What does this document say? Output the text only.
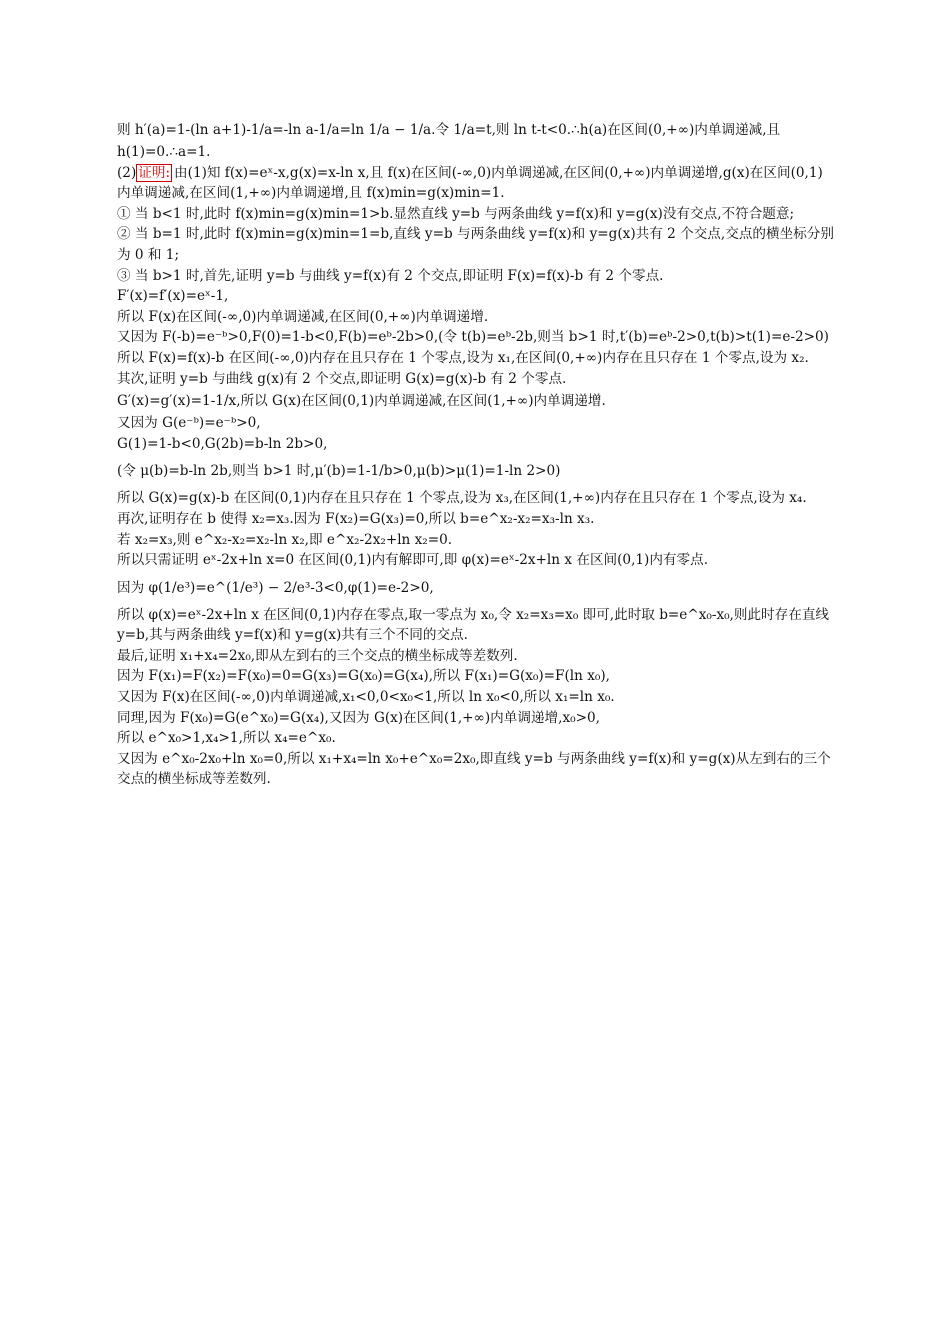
则 h′(a)=1-(ln a+1)-1/a=-ln a-1/a=ln 1/a − 1/a.令 1/a=t,则 ln t-t<0.∴h(a)在区间(0,+∞)内单调递减,且

h(1)=0.∴a=1.

(2) 证明: 由(1)知 f(x)=eˣ-x,g(x)=x-ln x,且 f(x)在区间(-∞,0)内单调递减,在区间(0,+∞)内单调递增,g(x)在区间(0,1)内单调递减,在区间(1,+∞)内单调递增,且 f(x)min=g(x)min=1.

① 当 b<1 时,此时 f(x)min=g(x)min=1>b.显然直线 y=b 与两条曲线 y=f(x)和 y=g(x)没有交点,不符合题意;

② 当 b=1 时,此时 f(x)min=g(x)min=1=b,直线 y=b 与两条曲线 y=f(x)和 y=g(x)共有 2 个交点,交点的横坐标分别为 0 和 1;

③ 当 b>1 时,首先,证明 y=b 与曲线 y=f(x)有 2 个交点,即证明 F(x)=f(x)-b 有 2 个零点.

F′(x)=f′(x)=eˣ-1,

所以 F(x)在区间(-∞,0)内单调递减,在区间(0,+∞)内单调递增.

又因为 F(-b)=e⁻ᵇ>0,F(0)=1-b<0,F(b)=eᵇ-2b>0,(令 t(b)=eᵇ-2b,则当 b>1 时,t′(b)=eᵇ-2>0,t(b)>t(1)=e-2>0)

所以 F(x)=f(x)-b 在区间(-∞,0)内存在且只存在 1 个零点,设为 x₁,在区间(0,+∞)内存在且只存在 1 个零点,设为 x₂.

其次,证明 y=b 与曲线 g(x)有 2 个交点,即证明 G(x)=g(x)-b 有 2 个零点.

G′(x)=g′(x)=1-1/x,所以 G(x)在区间(0,1)内单调递减,在区间(1,+∞)内单调递增.

又因为 G(e⁻ᵇ)=e⁻ᵇ>0,

G(1)=1-b<0,G(2b)=b-ln 2b>0,

(令 μ(b)=b-ln 2b,则当 b>1 时,μ′(b)=1-1/b>0,μ(b)>μ(1)=1-ln 2>0)

所以 G(x)=g(x)-b 在区间(0,1)内存在且只存在 1 个零点,设为 x₃,在区间(1,+∞)内存在且只存在 1 个零点,设为 x₄.

再次,证明存在 b 使得 x₂=x₃.因为 F(x₂)=G(x₃)=0,所以 b=e^x₂-x₂=x₃-ln x₃.

若 x₂=x₃,则 e^x₂-x₂=x₂-ln x₂,即 e^x₂-2x₂+ln x₂=0.

所以只需证明 eˣ-2x+ln x=0 在区间(0,1)内有解即可,即 φ(x)=eˣ-2x+ln x 在区间(0,1)内有零点.

因为 φ(1/e³)=e^(1/e³) − 2/e³-3<0,φ(1)=e-2>0,

所以 φ(x)=eˣ-2x+ln x 在区间(0,1)内存在零点,取一零点为 x₀,令 x₂=x₃=x₀ 即可,此时取 b=e^x₀-x₀,则此时存在直线 y=b,其与两条曲线 y=f(x)和 y=g(x)共有三个不同的交点.

最后,证明 x₁+x₄=2x₀,即从左到右的三个交点的横坐标成等差数列.

因为 F(x₁)=F(x₂)=F(x₀)=0=G(x₃)=G(x₀)=G(x₄),所以 F(x₁)=G(x₀)=F(ln x₀),

又因为 F(x)在区间(-∞,0)内单调递减,x₁<0,0<x₀<1,所以 ln x₀<0,所以 x₁=ln x₀.

同理,因为 F(x₀)=G(e^x₀)=G(x₄),又因为 G(x)在区间(1,+∞)内单调递增,x₀>0,

所以 e^x₀>1,x₄>1,所以 x₄=e^x₀.

又因为 e^x₀-2x₀+ln x₀=0,所以 x₁+x₄=ln x₀+e^x₀=2x₀,即直线 y=b 与两条曲线 y=f(x)和 y=g(x)从左到右的三个交点的横坐标成等差数列.
